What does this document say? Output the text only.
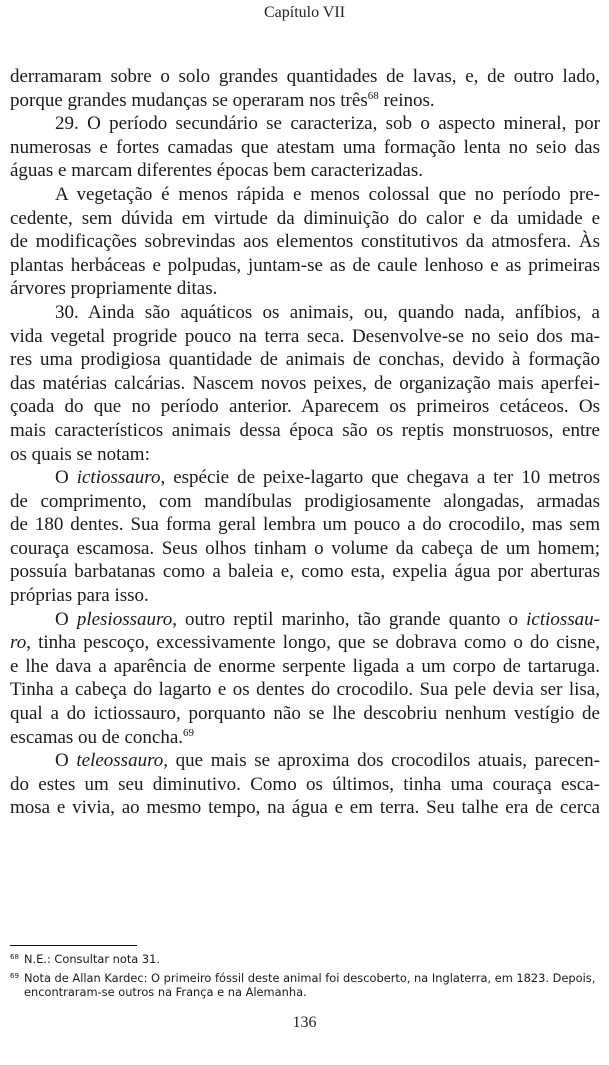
Capítulo VII
derramaram sobre o solo grandes quantidades de lavas, e, de outro lado,
porque grandes mudanças se operaram nos três$^{68}$ reinos.
29. O período secundário se caracteriza, sob o aspecto mineral, por
numerosas e fortes camadas que atestam uma formação lenta no seio das
águas e marcam diferentes épocas bem caracterizadas.
A vegetação é menos rápida e menos colossal que no período pre-
cedente, sem dúvida em virtude da diminuição do calor e da umidade e
de modificações sobrevindas aos elementos constitutivos da atmosfera. Às
plantas herbáceas e polpudas, juntam-se as de caule lenhoso e as primeiras
árvores propriamente ditas.
30. Ainda são aquáticos os animais, ou, quando nada, anfíbios, a
vida vegetal progride pouco na terra seca. Desenvolve-se no seio dos ma-
res uma prodigiosa quantidade de animais de conchas, devido à formação
das matérias calcárias. Nascem novos peixes, de organização mais aperfei-
çoada do que no período anterior. Aparecem os primeiros cetáceos. Os
mais característicos animais dessa época são os reptis monstruosos, entre
os quais se notam:
O ictiossauro, espécie de peixe-lagarto que chegava a ter 10 metros
de comprimento, com mandíbulas prodigiosamente alongadas, armadas
de 180 dentes. Sua forma geral lembra um pouco a do crocodilo, mas sem
couraça escamosa. Seus olhos tinham o volume da cabeça de um homem;
possuía barbatanas como a baleia e, como esta, expelia água por aberturas
próprias para isso.
O plesiossauro, outro reptil marinho, tão grande quanto o ictiossau-
ro, tinha pescoço, excessivamente longo, que se dobrava como o do cisne,
e lhe dava a aparência de enorme serpente ligada a um corpo de tartaruga.
Tinha a cabeça do lagarto e os dentes do crocodilo. Sua pele devia ser lisa,
qual a do ictiossauro, porquanto não se lhe descobriu nenhum vestígio de
escamas ou de concha.$^{69}$
O teleossauro, que mais se aproxima dos crocodilos atuais, parecen-
do estes um seu diminutivo. Como os últimos, tinha uma couraça esca-
mosa e vivia, ao mesmo tempo, na água e em terra. Seu talhe era de cerca
68 N.E.: Consultar nota 31.
69 Nota de Allan Kardec: O primeiro fóssil deste animal foi descoberto, na Inglaterra, em 1823. Depois, encontraram-se outros na França e na Alemanha.
136
